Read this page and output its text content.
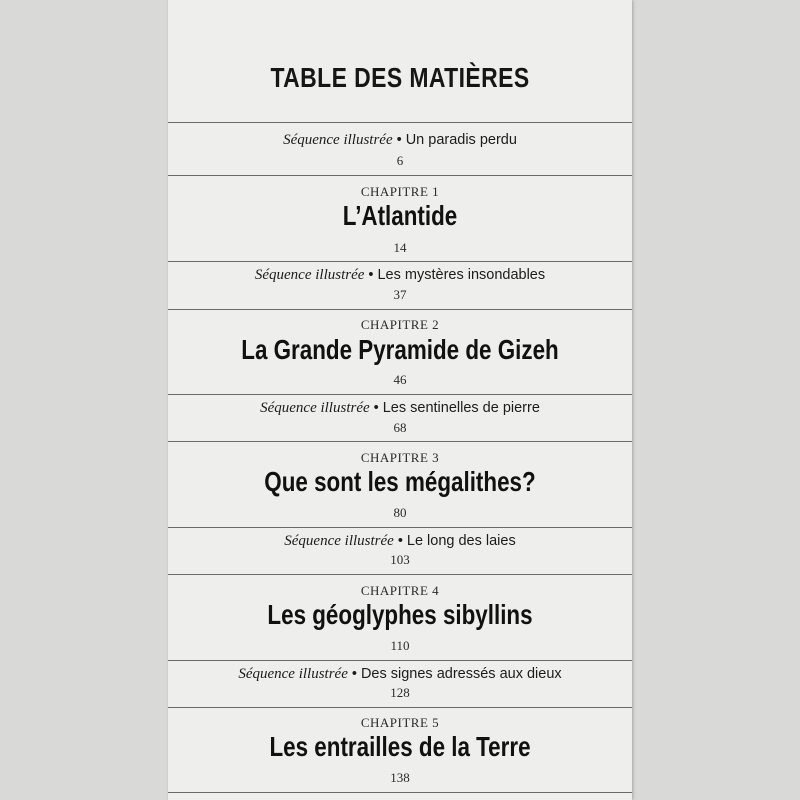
TABLE DES MATIÈRES
Séquence illustrée • Un paradis perdu
6
CHAPITRE 1
L’Atlantide
14
Séquence illustrée • Les mystères insondables
37
CHAPITRE 2
La Grande Pyramide de Gizeh
46
Séquence illustrée • Les sentinelles de pierre
68
CHAPITRE 3
Que sont les mégalithes?
80
Séquence illustrée • Le long des laies
103
CHAPITRE 4
Les géoglyphes sibyllins
110
Séquence illustrée • Des signes adressés aux dieux
128
CHAPITRE 5
Les entrailles de la Terre
138
